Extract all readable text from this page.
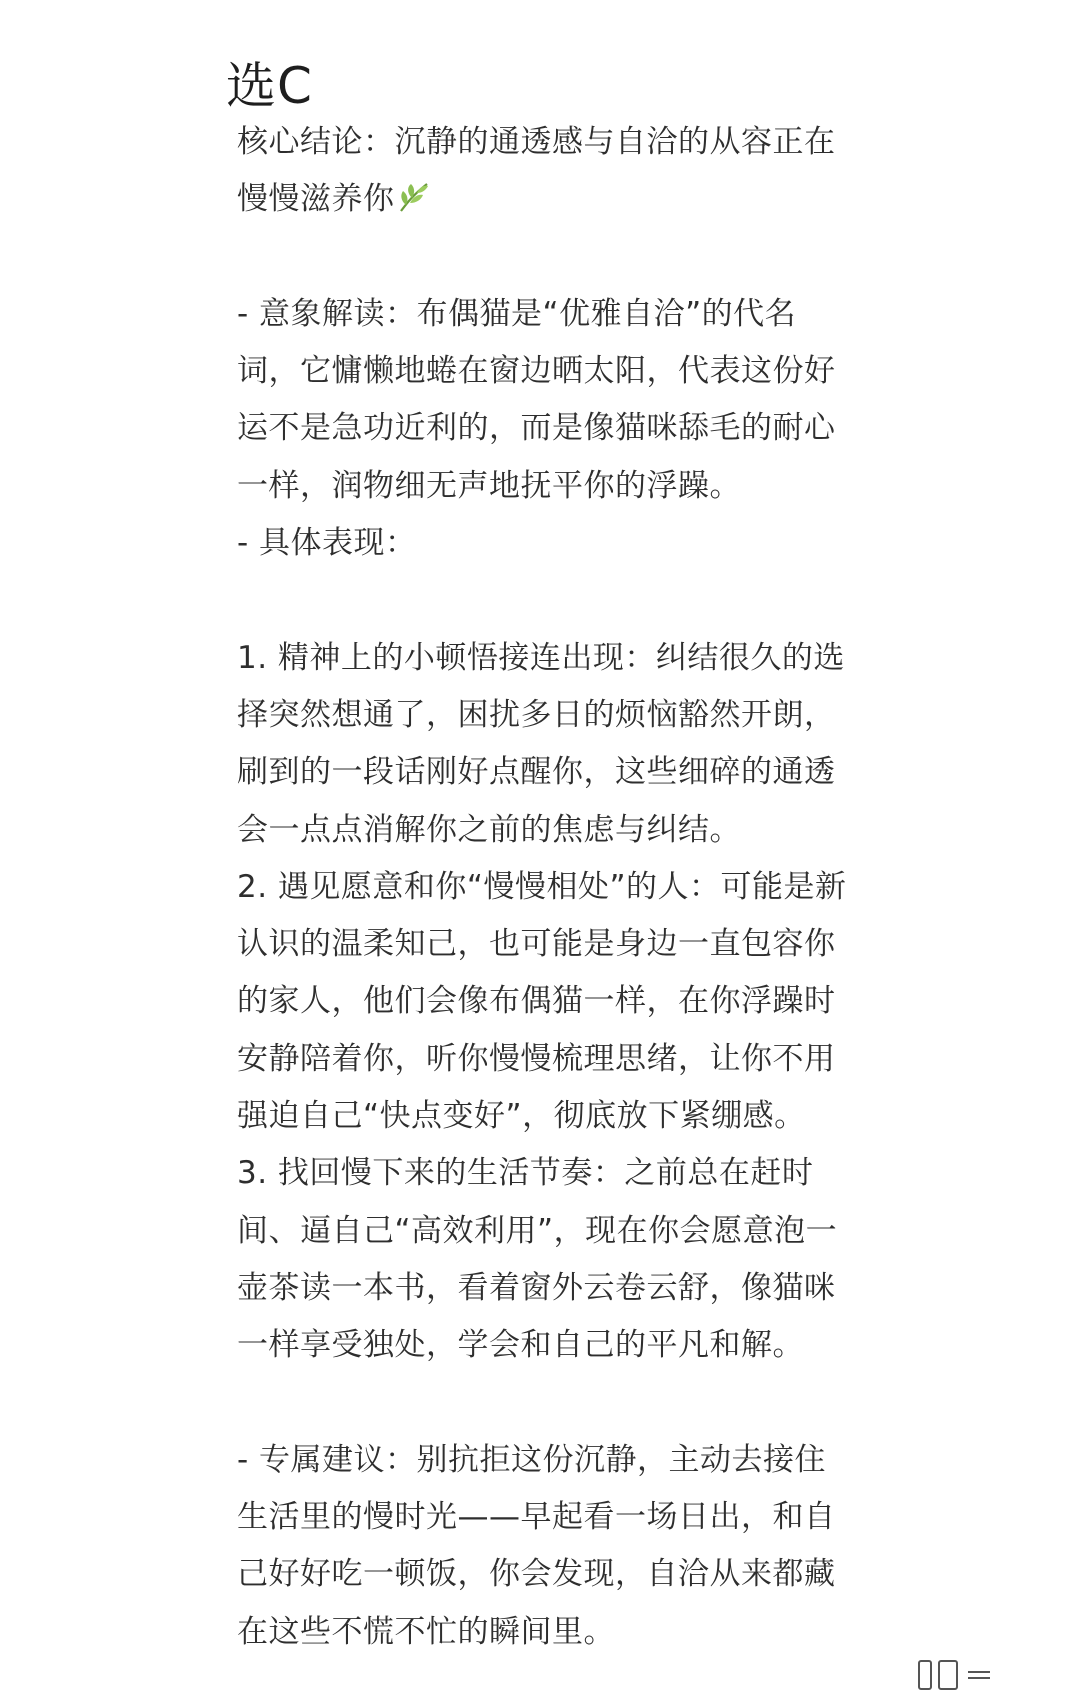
选C
核心结论：沉静的通透感与自洽的从容正在
慢慢滋养你
- 意象解读：布偶猫是“优雅自洽”的代名
词，它慵懒地蜷在窗边晒太阳，代表这份好
运不是急功近利的，而是像猫咪舔毛的耐心
一样，润物细无声地抚平你的浮躁。
- 具体表现：
1. 精神上的小顿悟接连出现：纠结很久的选
择突然想通了，困扰多日的烦恼豁然开朗，
刷到的一段话刚好点醒你，这些细碎的通透
会一点点消解你之前的焦虑与纠结。
2. 遇见愿意和你“慢慢相处”的人：可能是新
认识的温柔知己，也可能是身边一直包容你
的家人，他们会像布偶猫一样，在你浮躁时
安静陪着你，听你慢慢梳理思绪，让你不用
强迫自己“快点变好”，彻底放下紧绷感。
3. 找回慢下来的生活节奏：之前总在赶时
间、逼自己“高效利用”，现在你会愿意泡一
壶茶读一本书，看着窗外云卷云舒，像猫咪
一样享受独处，学会和自己的平凡和解。
- 专属建议：别抗拒这份沉静，主动去接住
生活里的慢时光——早起看一场日出，和自
己好好吃一顿饭，你会发现，自洽从来都藏
在这些不慌不忙的瞬间里。
